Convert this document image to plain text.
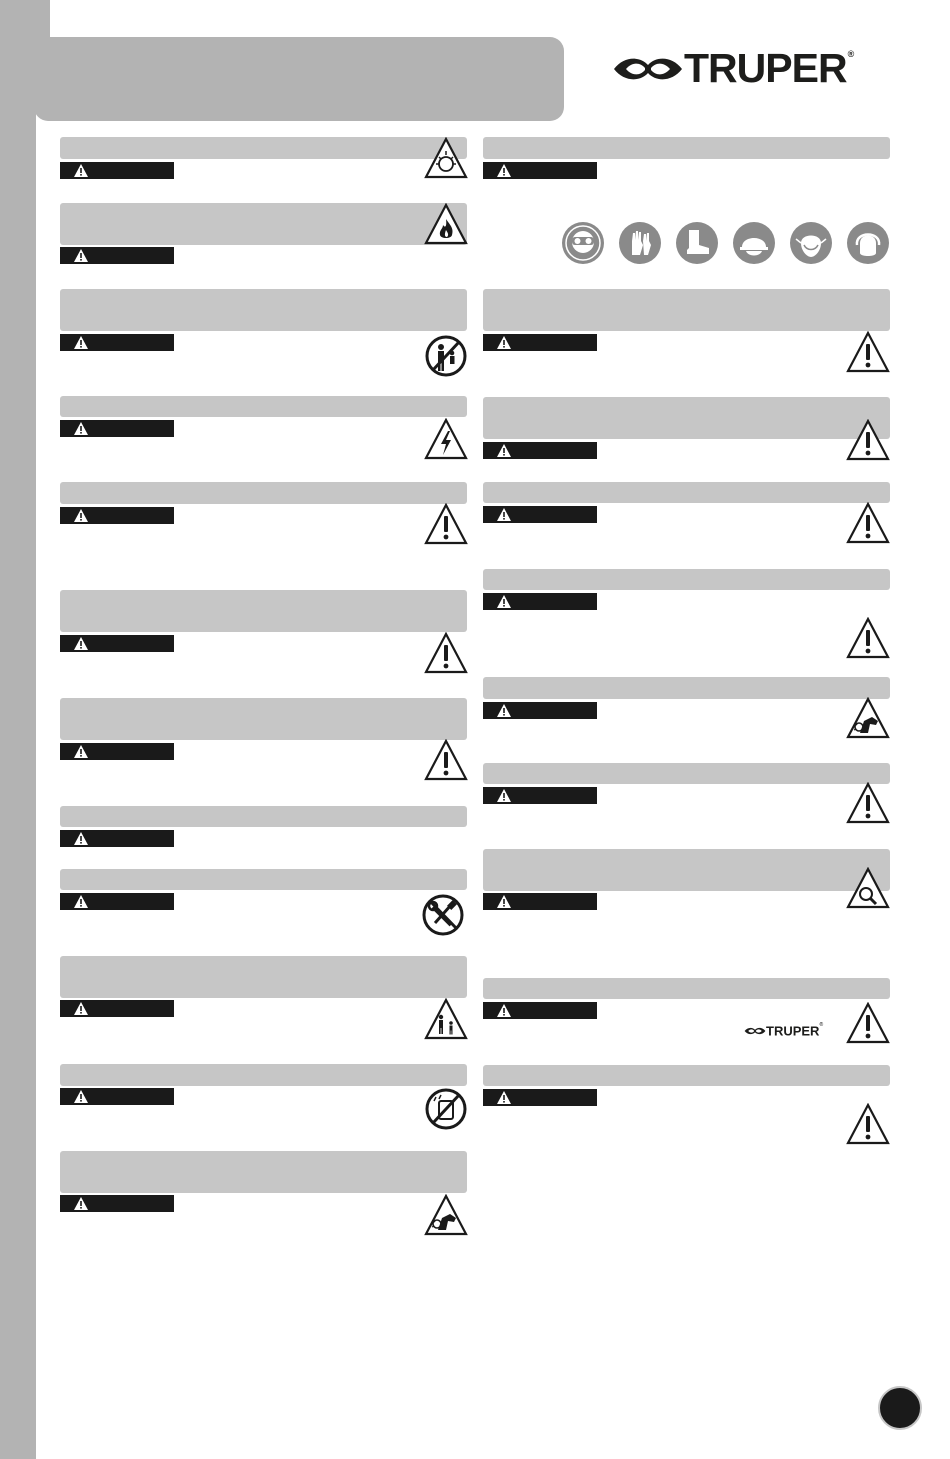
TRUPER®
TRUPER®
